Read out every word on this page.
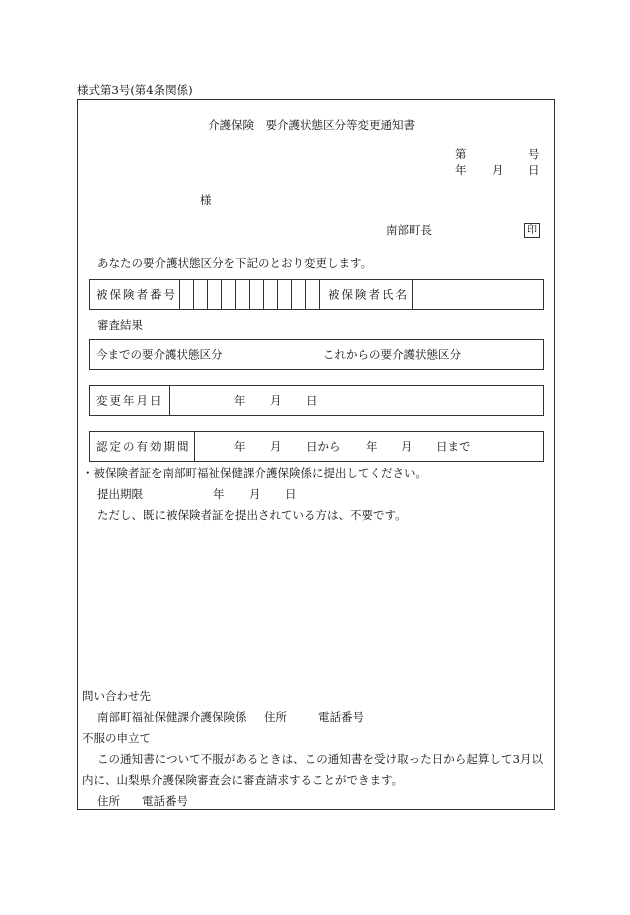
様式第3号(第4条関係)
介護保険　要介護状態区分等変更通知書
第	号
年 月 日
様
南部町長	印
あなたの要介護状態区分を下記のとおり変更します。
被保険者番号	被保険者氏名
審査結果
今までの要介護状態区分	これからの要介護状態区分
変更年月日	年 月 日
認定の有効期間	年 月 日から 年 月 日まで
・被保険者証を南部町福祉保健課介護保険係に提出してください。
提出期限	年 月 日
ただし、既に被保険者証を提出されている方は、不要です。
問い合わせ先
南部町福祉保健課介護保険係 住所	電話番号
不服の申立て
この通知書について不服があるときは、この通知書を受け取った日から起算して3月以
内に、山梨県介護保険審査会に審査請求することができます。
住所 電話番号
